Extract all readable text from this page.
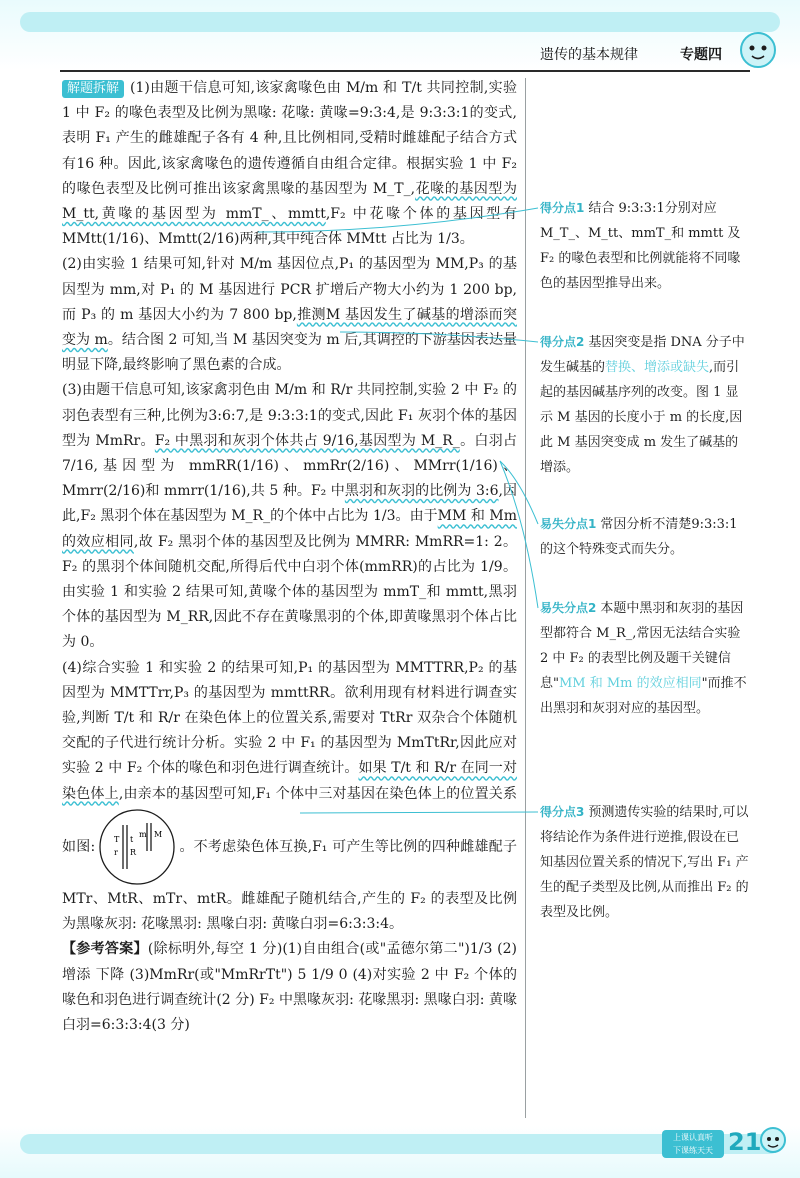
遗传的基本规律	专题四

解题拆解 (1)由题干信息可知,该家禽喙色由 M/m 和 T/t 共同控制,实验 1 中 F₂ 的喙色表型及比例为黑喙: 花喙: 黄喙=9:3:4,是 9:3:3:1的变式,表明 F₁ 产生的雌雄配子各有 4 种,且比例相同,受精时雌雄配子结合方式有16 种。因此,该家禽喙色的遗传遵循自由组合定律。根据实验 1 中 F₂ 的喙色表型及比例可推出该家禽黑喙的基因型为 M_T_,花喙的基因型为 M_tt,黄喙的基因型为 mmT_、mmtt,F₂ 中花喙个体的基因型有 MMtt(1/16)、Mmtt(2/16)两种,其中纯合体 MMtt 占比为 1/3。

(2)由实验 1 结果可知,针对 M/m 基因位点,P₁ 的基因型为 MM,P₃ 的基因型为 mm,对 P₁ 的 M 基因进行 PCR 扩增后产物大小约为 1 200 bp,而 P₃ 的 m 基因大小约为 7 800 bp,推测M 基因发生了碱基的增添而突变为 m。结合图 2 可知,当 M 基因突变为 m 后,其调控的下游基因表达量明显下降,最终影响了黑色素的合成。

(3)由题干信息可知,该家禽羽色由 M/m 和 R/r 共同控制,实验 2 中 F₂ 的羽色表型有三种,比例为3:6:7,是 9:3:3:1的变式,因此 F₁ 灰羽个体的基因型为 MmRr。F₂ 中黑羽和灰羽个体共占 9/16,基因型为 M_R_。白羽占 7/16,基因型为 mmRR(1/16)、mmRr(2/16)、MMrr(1/16)、Mmrr(2/16)和 mmrr(1/16),共 5 种。F₂ 中黑羽和灰羽的比例为 3:6,因此,F₂ 黑羽个体在基因型为 M_R_的个体中占比为 1/3。由于MM 和 Mm 的效应相同,故 F₂ 黑羽个体的基因型及比例为 MMRR: MmRR=1: 2。F₂ 的黑羽个体间随机交配,所得后代中白羽个体(mmRR)的占比为 1/9。由实验 1 和实验 2 结果可知,黄喙个体的基因型为 mmT_和 mmtt,黑羽个体的基因型为 M_RR,因此不存在黄喙黑羽的个体,即黄喙黑羽个体占比为 0。

(4)综合实验 1 和实验 2 的结果可知,P₁ 的基因型为 MMTTRR,P₂ 的基因型为 MMTTrr,P₃ 的基因型为 mmttRR。欲利用现有材料进行调查实验,判断 T/t 和 R/r 在染色体上的位置关系,需要对 TtRr 双杂合个体随机交配的子代进行统计分析。实验 2 中 F₁ 的基因型为 MmTtRr,因此应对实验 2 中 F₂ 个体的喙色和羽色进行调查统计。如果 T/t 和 R/r 在同一对染色体上,由亲本的基因型可知,F₁ 个体中三对基因在染色体上的位置关系如图: T
r
t
R
m M
。不考虑染色体互换,F₁ 可产生等比例的四种雌雄配子 MTr、MtR、mTr、mtR。雌雄配子随机结合,产生的 F₂ 的表型及比例为黑喙灰羽: 花喙黑羽: 黑喙白羽: 黄喙白羽=6:3:3:4。

【参考答案】(除标明外,每空 1 分)(1)自由组合(或"孟德尔第二")1/3 (2)增添 下降 (3)MmRr(或"MmRrTt") 5 1/9 0 (4)对实验 2 中 F₂ 个体的喙色和羽色进行调查统计(2 分) F₂ 中黑喙灰羽: 花喙黑羽: 黑喙白羽: 黄喙白羽=6:3:3:4(3 分)

得分点1 结合 9:3:3:1分别对应 M_T_、M_tt、mmT_和 mmtt 及 F₂ 的喙色表型和比例就能将不同喙色的基因型推导出来。

得分点2 基因突变是指 DNA 分子中发生碱基的替换、增添或缺失,而引起的基因碱基序列的改变。图 1 显示 M 基因的长度小于 m 的长度,因此 M 基因突变成 m 发生了碱基的增添。

易失分点1 常因分析不清楚9:3:3:1的这个特殊变式而失分。

易失分点2 本题中黑羽和灰羽的基因型都符合 M_R_,常因无法结合实验 2 中 F₂ 的表型比例及题干关键信息"MM 和 Mm 的效应相同"而推不出黑羽和灰羽对应的基因型。

得分点3 预测遗传实验的结果时,可以将结论作为条件进行逆推,假设在已知基因位置关系的情况下,写出 F₁ 产生的配子类型及比例,从而推出 F₂ 的表型及比例。

上课认真听
下课练天天 21
